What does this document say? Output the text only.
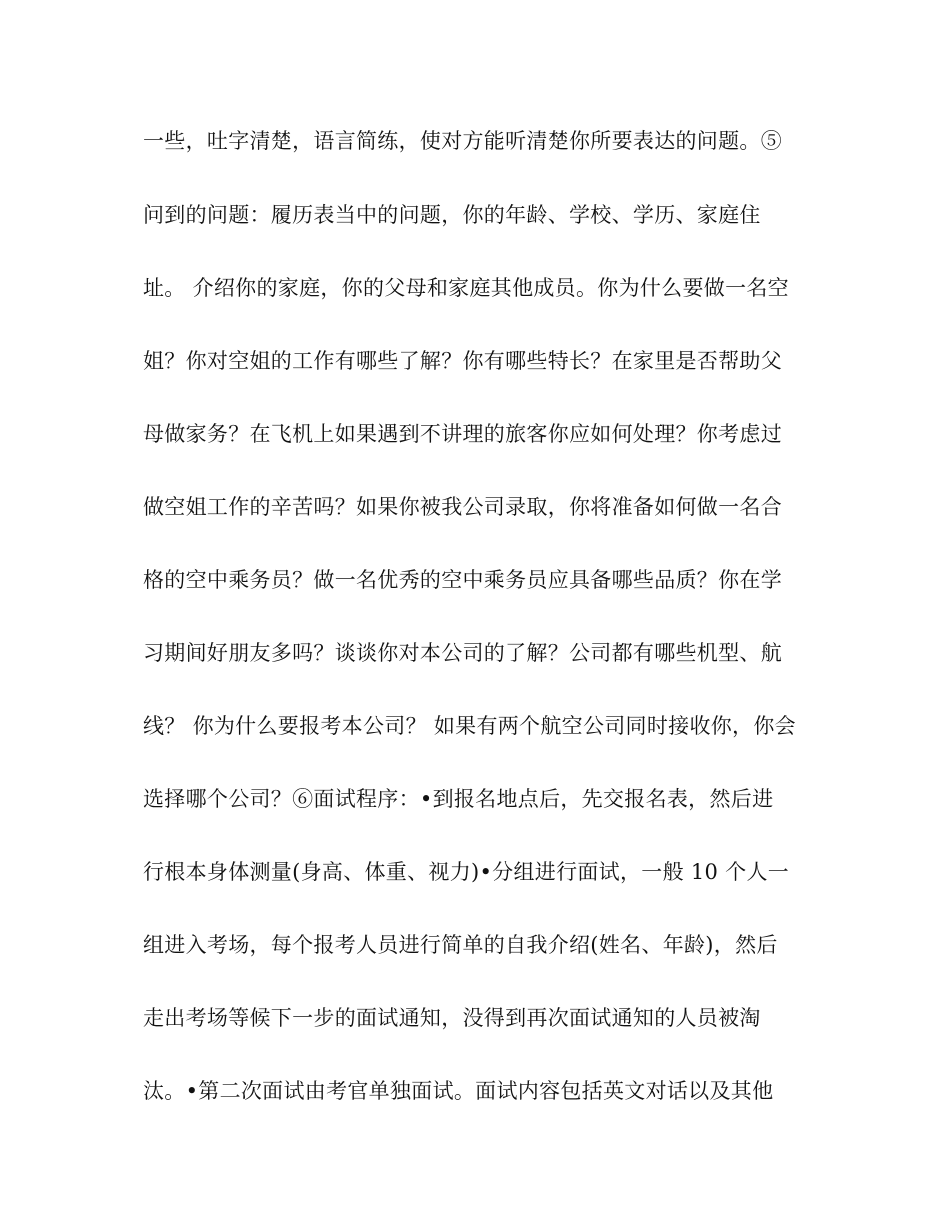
一些，吐字清楚，语言简练，使对方能听清楚你所要表达的问题。⑤
问到的问题：履历表当中的问题，你的年龄、学校、学历、家庭住
址。 介绍你的家庭，你的父母和家庭其他成员。你为什么要做一名空
姐？你对空姐的工作有哪些了解？你有哪些特长？在家里是否帮助父
母做家务？在飞机上如果遇到不讲理的旅客你应如何处理？你考虑过
做空姐工作的辛苦吗？如果你被我公司录取，你将准备如何做一名合
格的空中乘务员？做一名优秀的空中乘务员应具备哪些品质？你在学
习期间好朋友多吗？谈谈你对本公司的了解？公司都有哪些机型、航
线？ 你为什么要报考本公司？ 如果有两个航空公司同时接收你，你会
选择哪个公司？⑥面试程序：•到报名地点后，先交报名表，然后进
行根本身体测量(身高、体重、视力)•分组进行面试，一般 10 个人一
组进入考场，每个报考人员进行简单的自我介绍(姓名、年龄)，然后
走出考场等候下一步的面试通知，没得到再次面试通知的人员被淘
汰。•第二次面试由考官单独面试。面试内容包括英文对话以及其他
